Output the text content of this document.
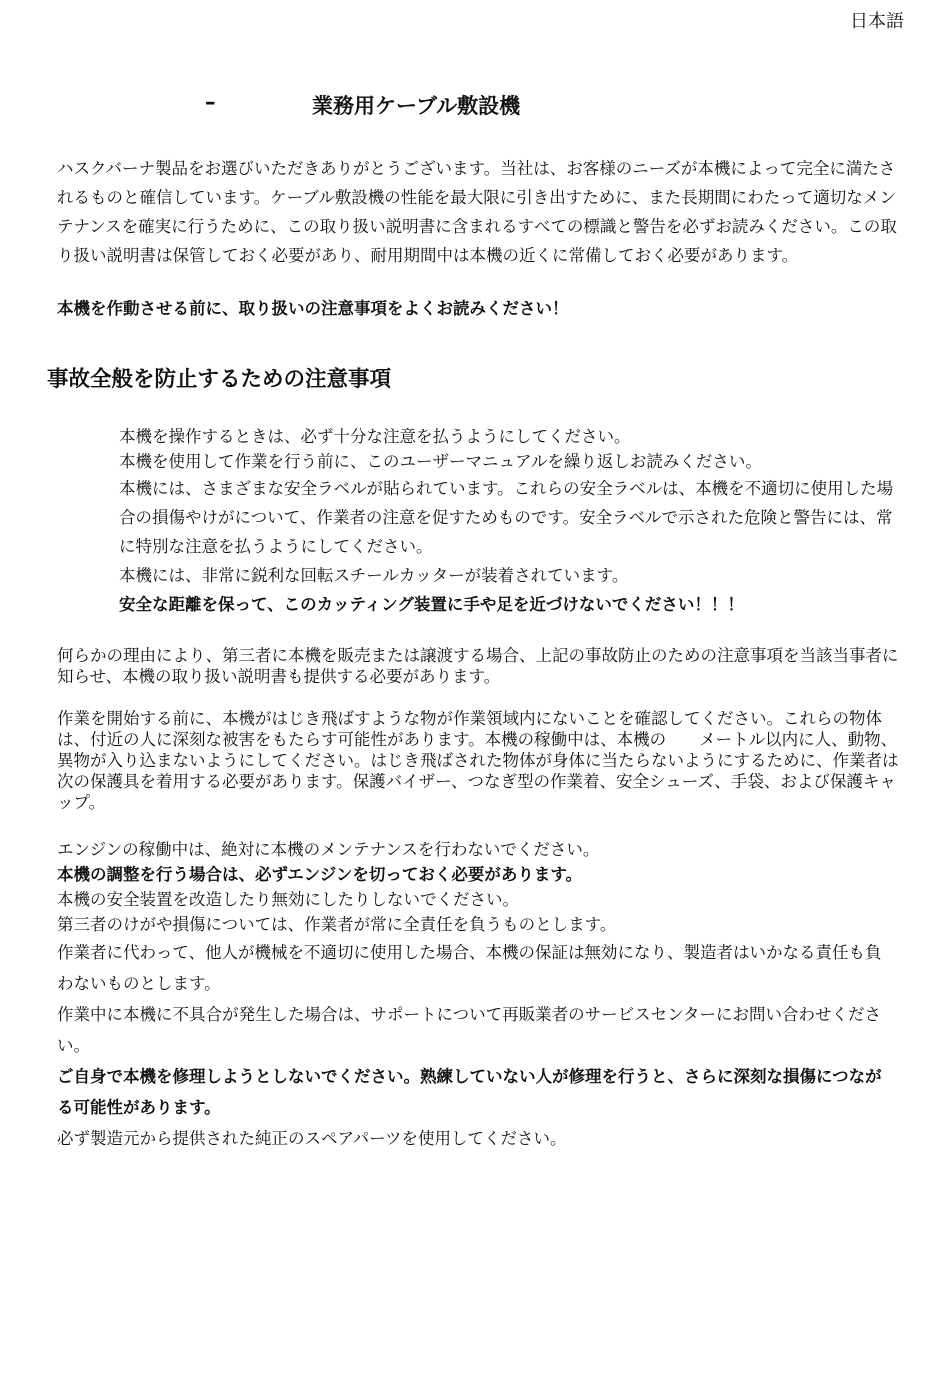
日本語
–	業務用ケーブル敷設機

ハスクバーナ製品をお選びいただきありがとうございます。当社は、お客様のニーズが本機によって完全に満たされるものと確信しています。ケーブル敷設機の性能を最大限に引き出すために、また長期間にわたって適切なメンテナンスを確実に行うために、この取り扱い説明書に含まれるすべての標識と警告を必ずお読みください。この取り扱い説明書は保管しておく必要があり、耐用期間中は本機の近くに常備しておく必要があります。

本機を作動させる前に、取り扱いの注意事項をよくお読みください！

事故全般を防止するための注意事項
本機を操作するときは、必ず十分な注意を払うようにしてください。
本機を使用して作業を行う前に、このユーザーマニュアルを繰り返しお読みください。
本機には、さまざまな安全ラベルが貼られています。これらの安全ラベルは、本機を不適切に使用した場合の損傷やけがについて、作業者の注意を促すためものです。安全ラベルで示された危険と警告には、常に特別な注意を払うようにしてください。
本機には、非常に鋭利な回転スチールカッターが装着されています。
安全な距離を保って、このカッティング装置に手や足を近づけないでください！！！

何らかの理由により、第三者に本機を販売または譲渡する場合、上記の事故防止のための注意事項を当該当事者に知らせ、本機の取り扱い説明書も提供する必要があります。

作業を開始する前に、本機がはじき飛ばすような物が作業領域内にないことを確認してください。これらの物体は、付近の人に深刻な被害をもたらす可能性があります。本機の稼働中は、本機の　　メートル以内に人、動物、異物が入り込まないようにしてください。はじき飛ばされた物体が身体に当たらないようにするために、作業者は次の保護具を着用する必要があります。保護バイザー、つなぎ型の作業着、安全シューズ、手袋、および保護キャップ。

エンジンの稼働中は、絶対に本機のメンテナンスを行わないでください。
本機の調整を行う場合は、必ずエンジンを切っておく必要があります。
本機の安全装置を改造したり無効にしたりしないでください。
第三者のけがや損傷については、作業者が常に全責任を負うものとします。
作業者に代わって、他人が機械を不適切に使用した場合、本機の保証は無効になり、製造者はいかなる責任も負わないものとします。
作業中に本機に不具合が発生した場合は、サポートについて再販業者のサービスセンターにお問い合わせください。
ご自身で本機を修理しようとしないでください。熟練していない人が修理を行うと、さらに深刻な損傷につながる可能性があります。
必ず製造元から提供された純正のスペアパーツを使用してください。
